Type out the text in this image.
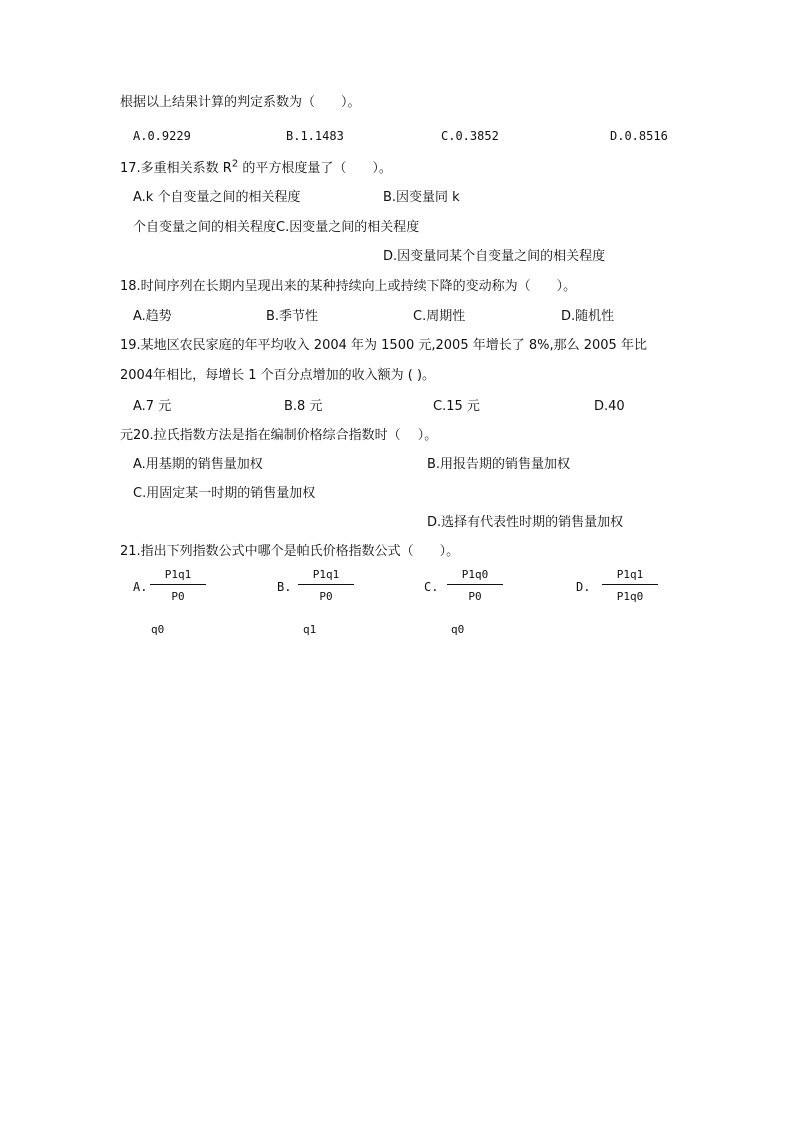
根据以上结果计算的判定系数为（　　）。
A.0.9229	B.1.1483	C.0.3852	D.0.8516
17.多重相关系数 $R^2$ 的平方根度量了（　　）。
A.k 个自变量之间的相关程度	B.因变量同 k
个自变量之间的相关程度C.因变量之间的相关程度
D.因变量同某个自变量之间的相关程度
18.时间序列在长期内呈现出来的某种持续向上或持续下降的变动称为（　　）。
A.趋势	B.季节性	C.周期性	D.随机性
19.某地区农民家庭的年平均收入 2004 年为 1500 元,2005 年增长了 8%,那么 2005 年比
2004年相比，每增长 1 个百分点增加的收入额为 ( )。
A.7 元	B.8 元	C.15 元	D.40
元20.拉氏指数方法是指在编制价格综合指数时（　 ）。
A.用基期的销售量加权	B.用报告期的销售量加权
C.用固定某一时期的销售量加权
D.选择有代表性时期的销售量加权
21.指出下列指数公式中哪个是帕氏价格指数公式（　　）。
A. $\frac{P1q1}{P0}$
q0
B. $\frac{P1q1}{P0}$
q1
C. $\frac{P1q0}{P0}$
q0
D. $\frac{P1q1}{P1q0}$
